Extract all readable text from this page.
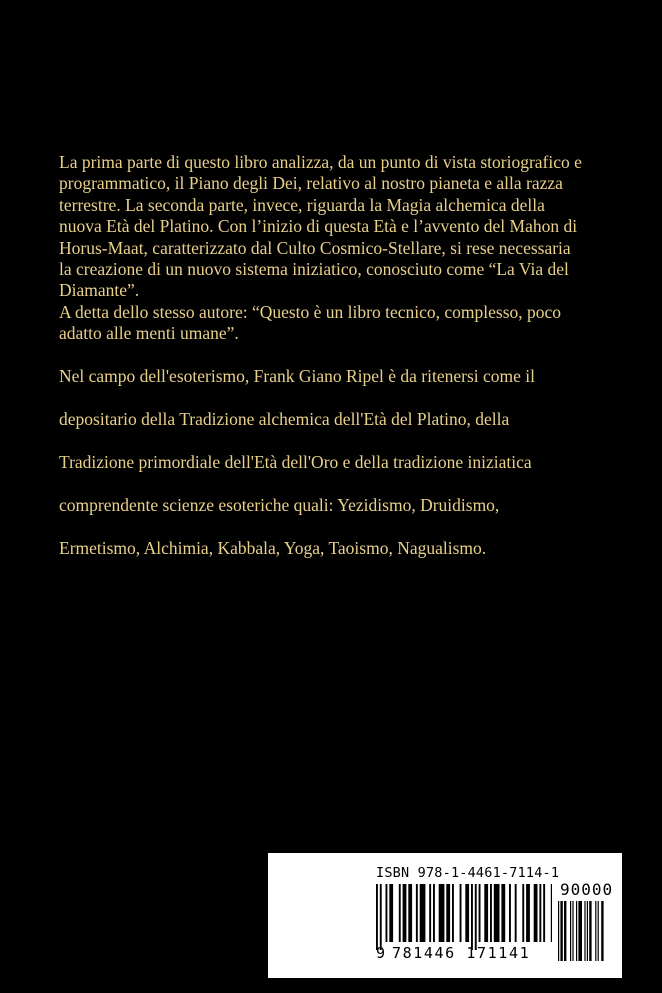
La prima parte di questo libro analizza, da un punto di vista storiografico e

programmatico, il Piano degli Dei, relativo al nostro pianeta e alla razza

terrestre. La seconda parte, invece, riguarda la Magia alchemica della

nuova Età del Platino. Con l’inizio di questa Età e l’avvento del Mahon di

Horus-Maat, caratterizzato dal Culto Cosmico-Stellare, si rese necessaria

la creazione di un nuovo sistema iniziatico, conosciuto come “La Via del

Diamante”.

A detta dello stesso autore: “Questo è un libro tecnico, complesso, poco

adatto alle menti umane”.

Nel campo dell'esoterismo, Frank Giano Ripel è da ritenersi come il

depositario della Tradizione alchemica dell'Età del Platino, della

Tradizione primordiale dell'Età dell'Oro e della tradizione iniziatica

comprendente scienze esoteriche quali: Yezidismo, Druidismo,

Ermetismo, Alchimia, Kabbala, Yoga, Taoismo, Nagualismo.

ISBN 978-1-4461-7114-1
90000
9 781446 171141
